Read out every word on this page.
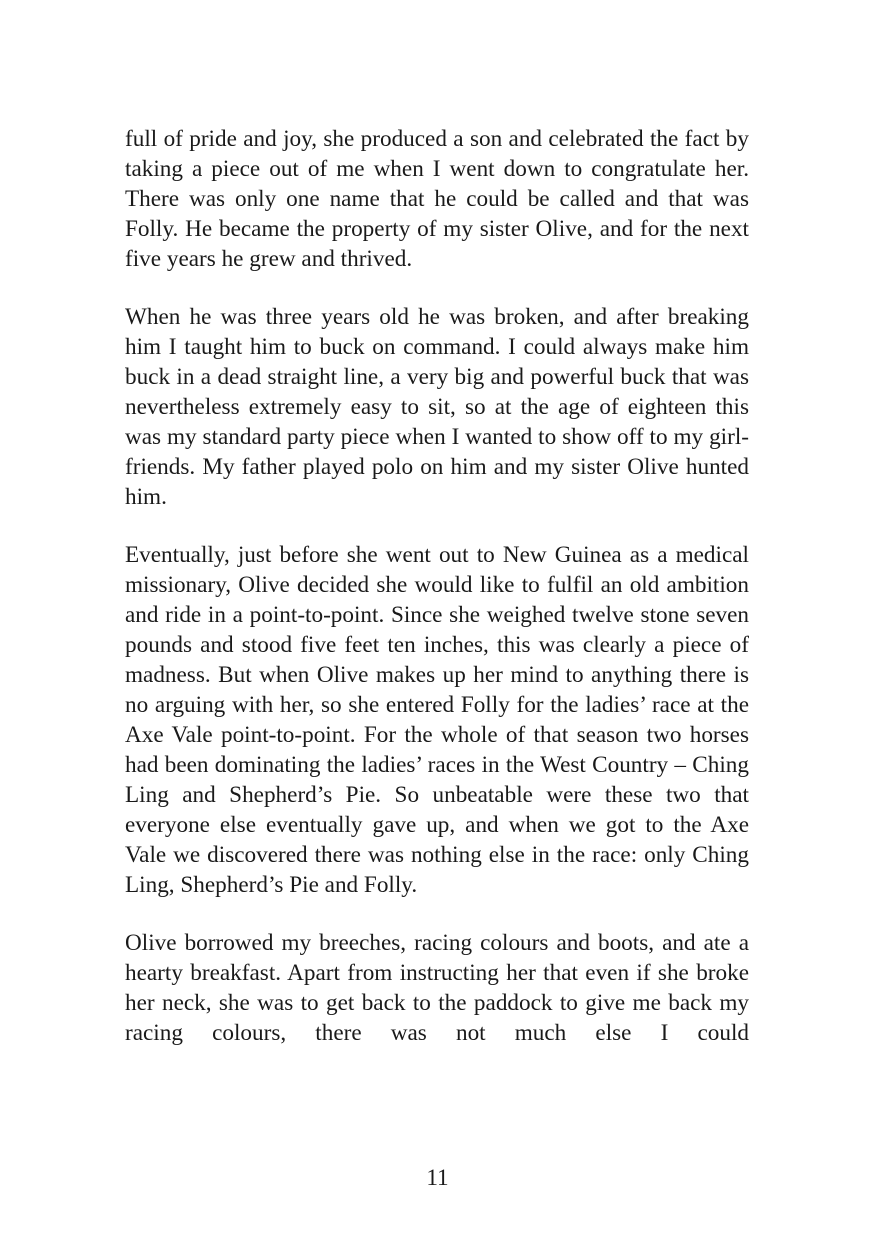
full of pride and joy, she produced a son and celebrated the fact by taking a piece out of me when I went down to congratulate her. There was only one name that he could be called and that was Folly. He became the property of my sister Olive, and for the next five years he grew and thrived.

When he was three years old he was broken, and after breaking him I taught him to buck on command. I could always make him buck in a dead straight line, a very big and powerful buck that was nevertheless extremely easy to sit, so at the age of eighteen this was my standard party piece when I wanted to show off to my girl-friends. My father played polo on him and my sister Olive hunted him.

Eventually, just before she went out to New Guinea as a medical missionary, Olive decided she would like to fulfil an old ambition and ride in a point-to-point. Since she weighed twelve stone seven pounds and stood five feet ten inches, this was clearly a piece of madness. But when Olive makes up her mind to anything there is no arguing with her, so she entered Folly for the ladies’ race at the Axe Vale point-to-point. For the whole of that season two horses had been dominating the ladies’ races in the West Country – Ching Ling and Shepherd’s Pie. So unbeatable were these two that everyone else eventually gave up, and when we got to the Axe Vale we discovered there was nothing else in the race: only Ching Ling, Shepherd’s Pie and Folly.

Olive borrowed my breeches, racing colours and boots, and ate a hearty breakfast. Apart from instructing her that even if she broke her neck, she was to get back to the paddock to give me back my racing colours, there was not much else I could

11
